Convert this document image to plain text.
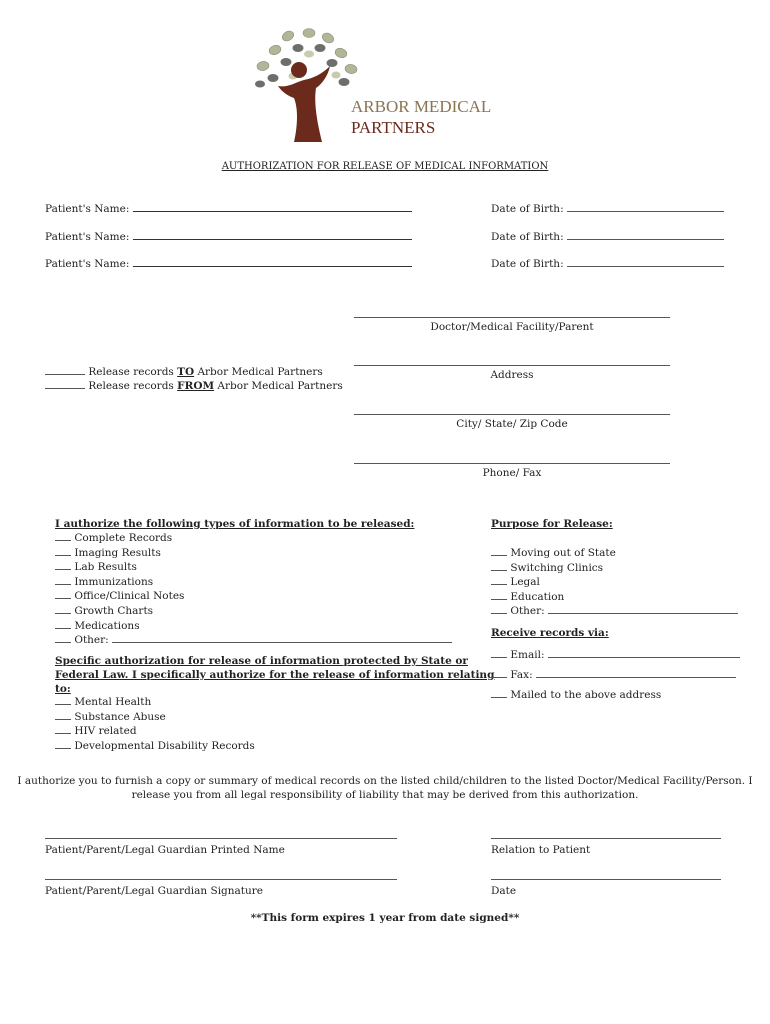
ARBOR MEDICAL
PARTNERS
AUTHORIZATION FOR RELEASE OF MEDICAL INFORMATION
Patient's Name:	Date of Birth:
Patient's Name:	Date of Birth:
Patient's Name:	Date of Birth:
Doctor/Medical Facility/Parent
Address
City/ State/ Zip Code
Phone/ Fax
Release records TO Arbor Medical Partners
Release records FROM Arbor Medical Partners
I authorize the following types of information to be released:
Complete Records
Imaging Results
Lab Results
Immunizations
Office/Clinical Notes
Growth Charts
Medications
Other:
Specific authorization for release of information protected by State or
Federal Law. I specifically authorize for the release of information relating
to:
Mental Health
Substance Abuse
HIV related
Developmental Disability Records
Purpose for Release:
Moving out of State
Switching Clinics
Legal
Education
Other:
Receive records via:
Email:
Fax:
Mailed to the above address
I authorize you to furnish a copy or summary of medical records on the listed child/children to the listed Doctor/Medical Facility/Person. I
release you from all legal responsibility of liability that may be derived from this authorization.
Patient/Parent/Legal Guardian Printed Name	Relation to Patient
Patient/Parent/Legal Guardian Signature	Date
**This form expires 1 year from date signed**
